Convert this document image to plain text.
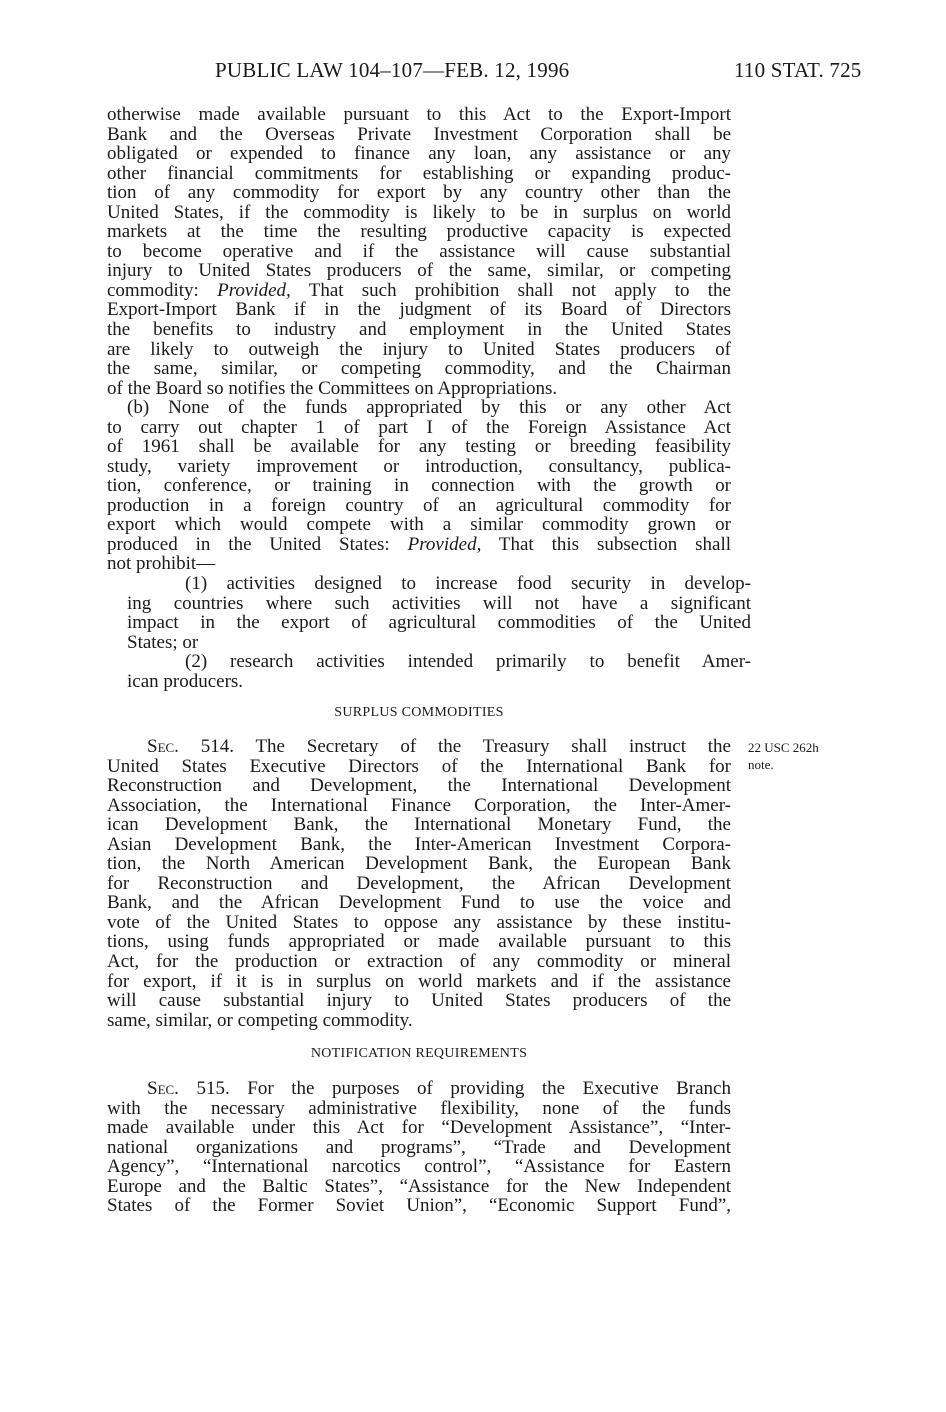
PUBLIC LAW 104–107—FEB. 12, 1996	110 STAT. 725
otherwise made available pursuant to this Act to the Export-Import
Bank and the Overseas Private Investment Corporation shall be
obligated or expended to finance any loan, any assistance or any
other financial commitments for establishing or expanding produc-
tion of any commodity for export by any country other than the
United States, if the commodity is likely to be in surplus on world
markets at the time the resulting productive capacity is expected
to become operative and if the assistance will cause substantial
injury to United States producers of the same, similar, or competing
commodity: Provided, That such prohibition shall not apply to the
Export-Import Bank if in the judgment of its Board of Directors
the benefits to industry and employment in the United States
are likely to outweigh the injury to United States producers of
the same, similar, or competing commodity, and the Chairman
of the Board so notifies the Committees on Appropriations.
(b) None of the funds appropriated by this or any other Act
to carry out chapter 1 of part I of the Foreign Assistance Act
of 1961 shall be available for any testing or breeding feasibility
study, variety improvement or introduction, consultancy, publica-
tion, conference, or training in connection with the growth or
production in a foreign country of an agricultural commodity for
export which would compete with a similar commodity grown or
produced in the United States: Provided, That this subsection shall
not prohibit—
(1) activities designed to increase food security in develop-
ing countries where such activities will not have a significant
impact in the export of agricultural commodities of the United
States; or
(2) research activities intended primarily to benefit Amer-
ican producers.
SURPLUS COMMODITIES
Sec. 514. The Secretary of the Treasury shall instruct the
United States Executive Directors of the International Bank for
Reconstruction and Development, the International Development
Association, the International Finance Corporation, the Inter-Amer-
ican Development Bank, the International Monetary Fund, the
Asian Development Bank, the Inter-American Investment Corpora-
tion, the North American Development Bank, the European Bank
for Reconstruction and Development, the African Development
Bank, and the African Development Fund to use the voice and
vote of the United States to oppose any assistance by these institu-
tions, using funds appropriated or made available pursuant to this
Act, for the production or extraction of any commodity or mineral
for export, if it is in surplus on world markets and if the assistance
will cause substantial injury to United States producers of the
same, similar, or competing commodity.
22 USC 262h
note.
NOTIFICATION REQUIREMENTS
Sec. 515. For the purposes of providing the Executive Branch
with the necessary administrative flexibility, none of the funds
made available under this Act for “Development Assistance”, “Inter-
national organizations and programs”, “Trade and Development
Agency”, “International narcotics control”, “Assistance for Eastern
Europe and the Baltic States”, “Assistance for the New Independent
States of the Former Soviet Union”, “Economic Support Fund”,
